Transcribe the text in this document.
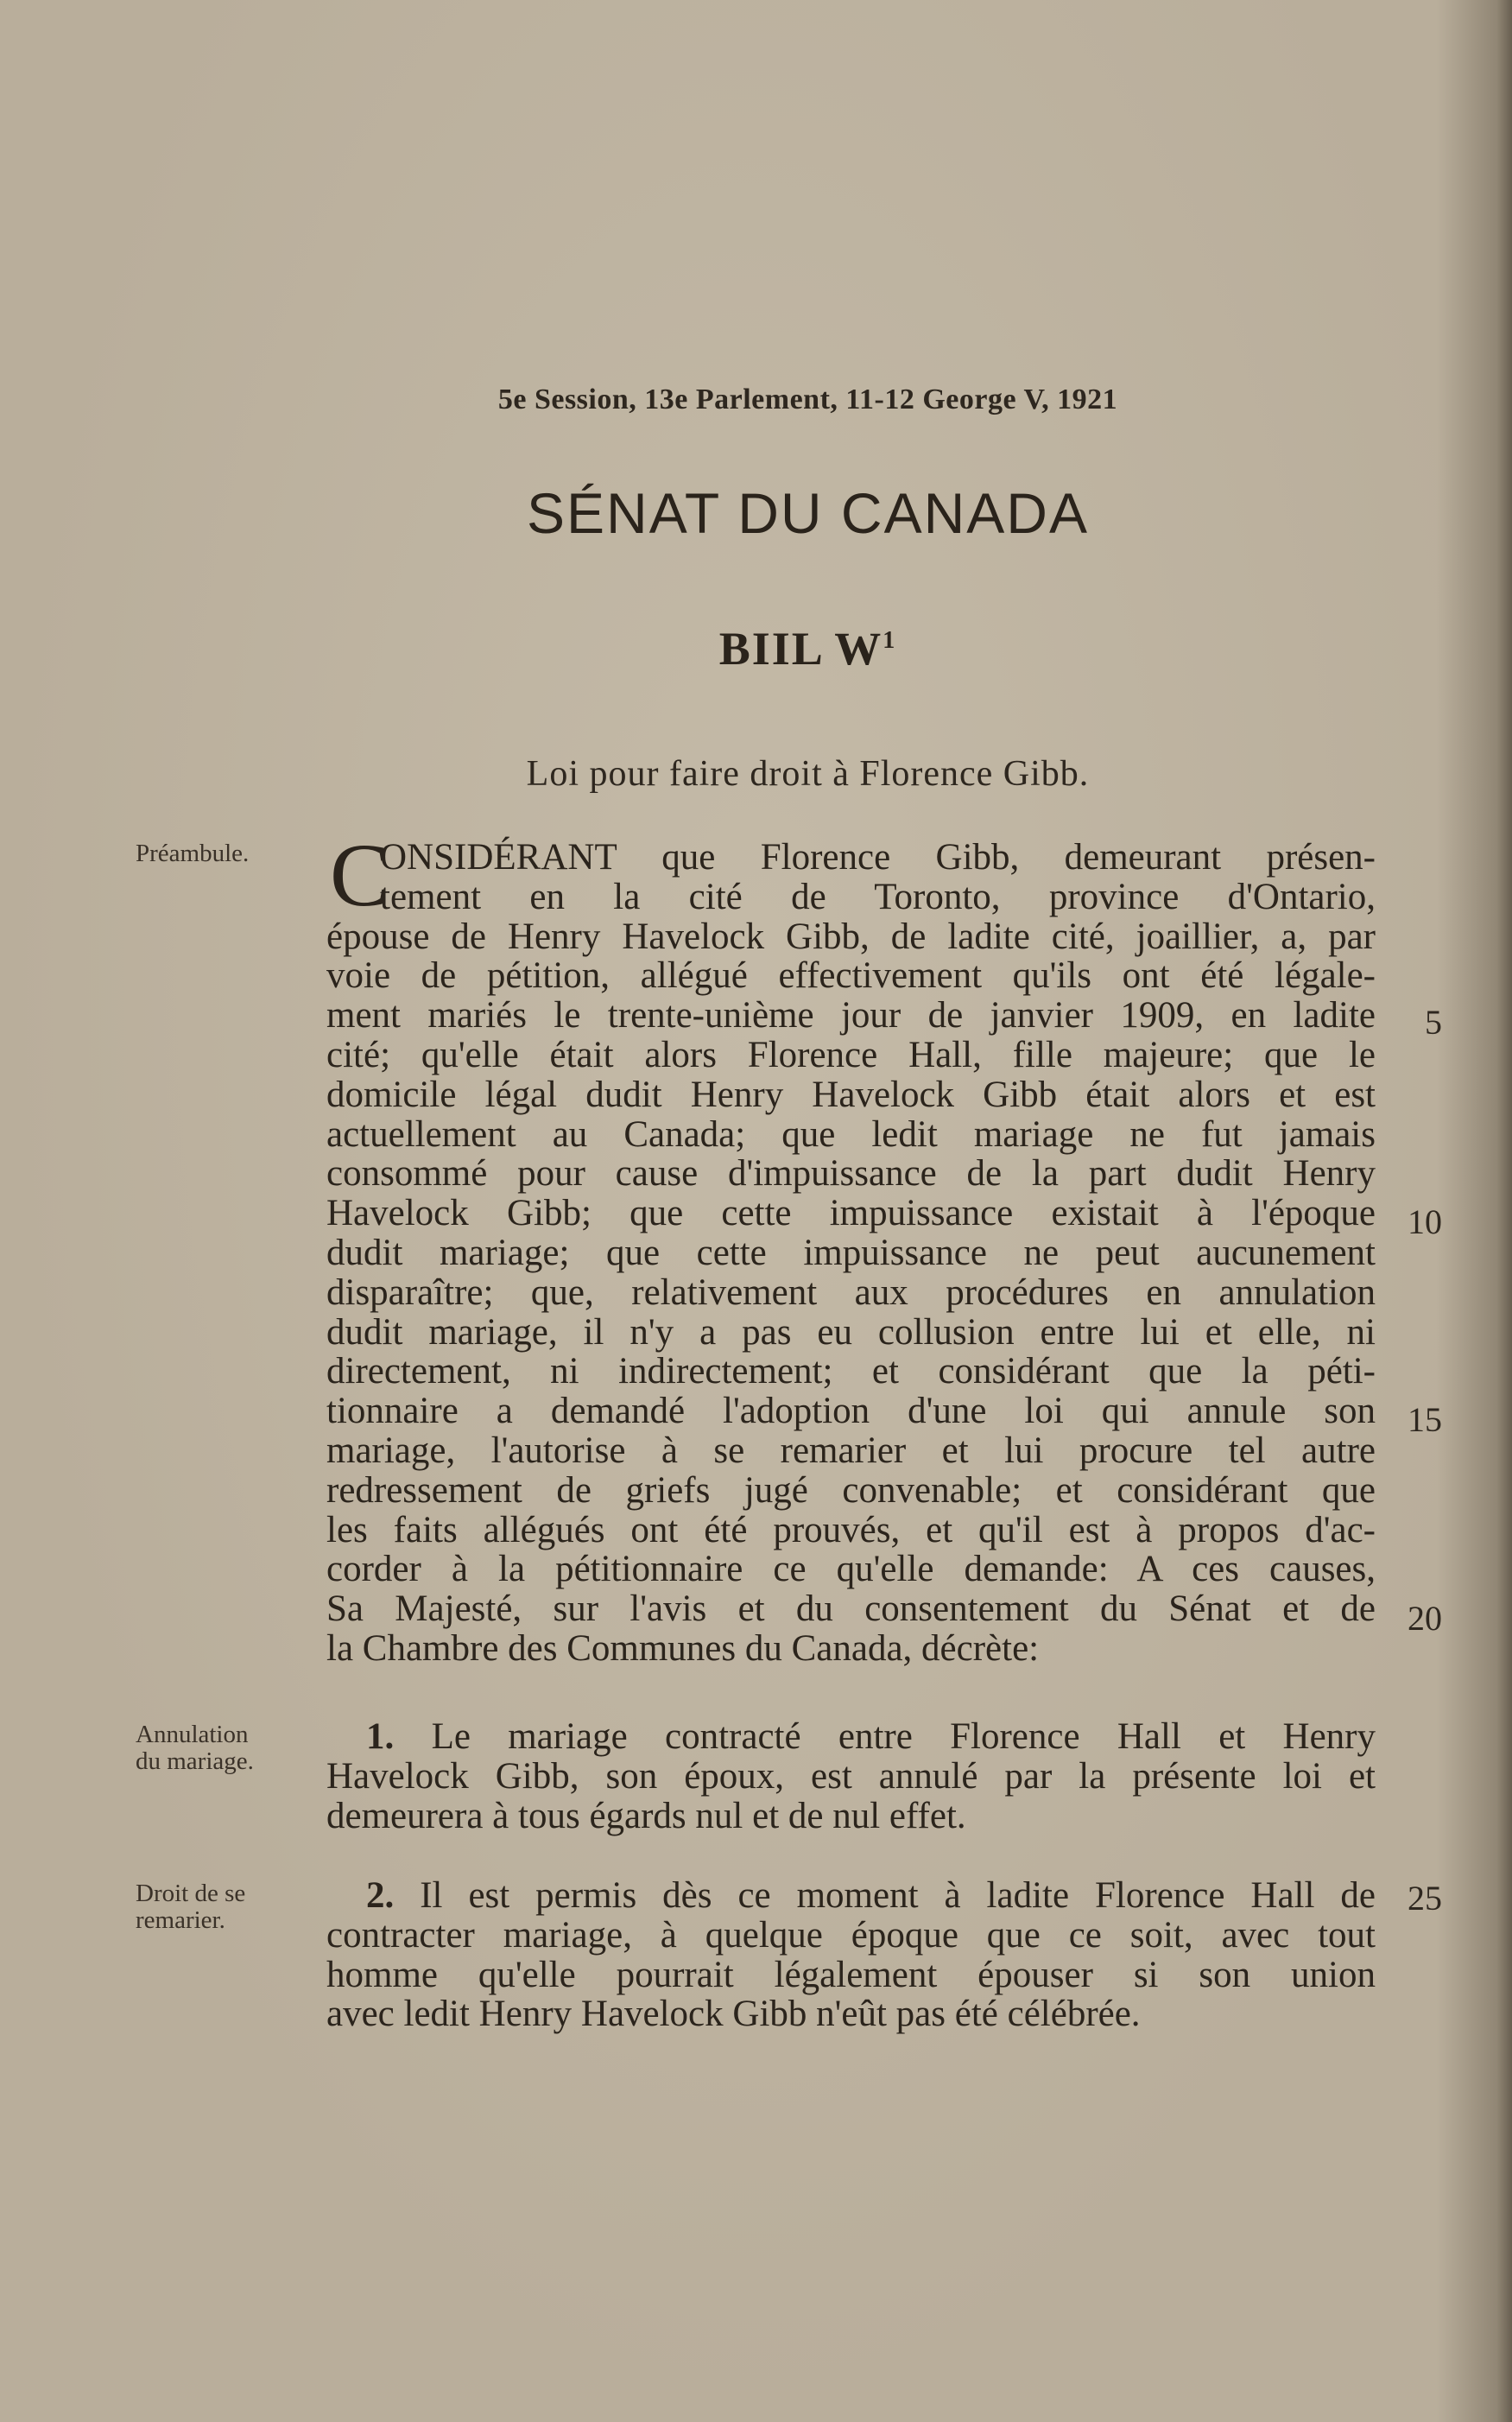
5e Session, 13e Parlement, 11-12 George V, 1921
SÉNAT DU CANADA
BIIL $W^1$
Loi pour faire droit à Florence Gibb.
Préambule. C
ONSIDÉRANT que Florence Gibb, demeurant présen-
tement en la cité de Toronto, province d'Ontario,
épouse de Henry Havelock Gibb, de ladite cité, joaillier, a, par
voie de pétition, allégué effectivement qu'ils ont été légale-
ment mariés le trente-unième jour de janvier 1909, en ladite
cité; qu'elle était alors Florence Hall, fille majeure; que le
domicile légal dudit Henry Havelock Gibb était alors et est
actuellement au Canada; que ledit mariage ne fut jamais
consommé pour cause d'impuissance de la part dudit Henry
Havelock Gibb; que cette impuissance existait à l'époque
dudit mariage; que cette impuissance ne peut aucunement
disparaître; que, relativement aux procédures en annulation
dudit mariage, il n'y a pas eu collusion entre lui et elle, ni
directement, ni indirectement; et considérant que la péti-
tionnaire a demandé l'adoption d'une loi qui annule son
mariage, l'autorise à se remarier et lui procure tel autre
redressement de griefs jugé convenable; et considérant que
les faits allégués ont été prouvés, et qu'il est à propos d'ac-
corder à la pétitionnaire ce qu'elle demande: A ces causes,
Sa Majesté, sur l'avis et du consentement du Sénat et de
la Chambre des Communes du Canada, décrète:
Annulation
du mariage.
1. Le mariage contracté entre Florence Hall et Henry
Havelock Gibb, son époux, est annulé par la présente loi et
demeurera à tous égards nul et de nul effet.
Droit de se
remarier.
2. Il est permis dès ce moment à ladite Florence Hall de
contracter mariage, à quelque époque que ce soit, avec tout
homme qu'elle pourrait légalement épouser si son union
avec ledit Henry Havelock Gibb n'eût pas été célébrée.
5
10
15
20
25
